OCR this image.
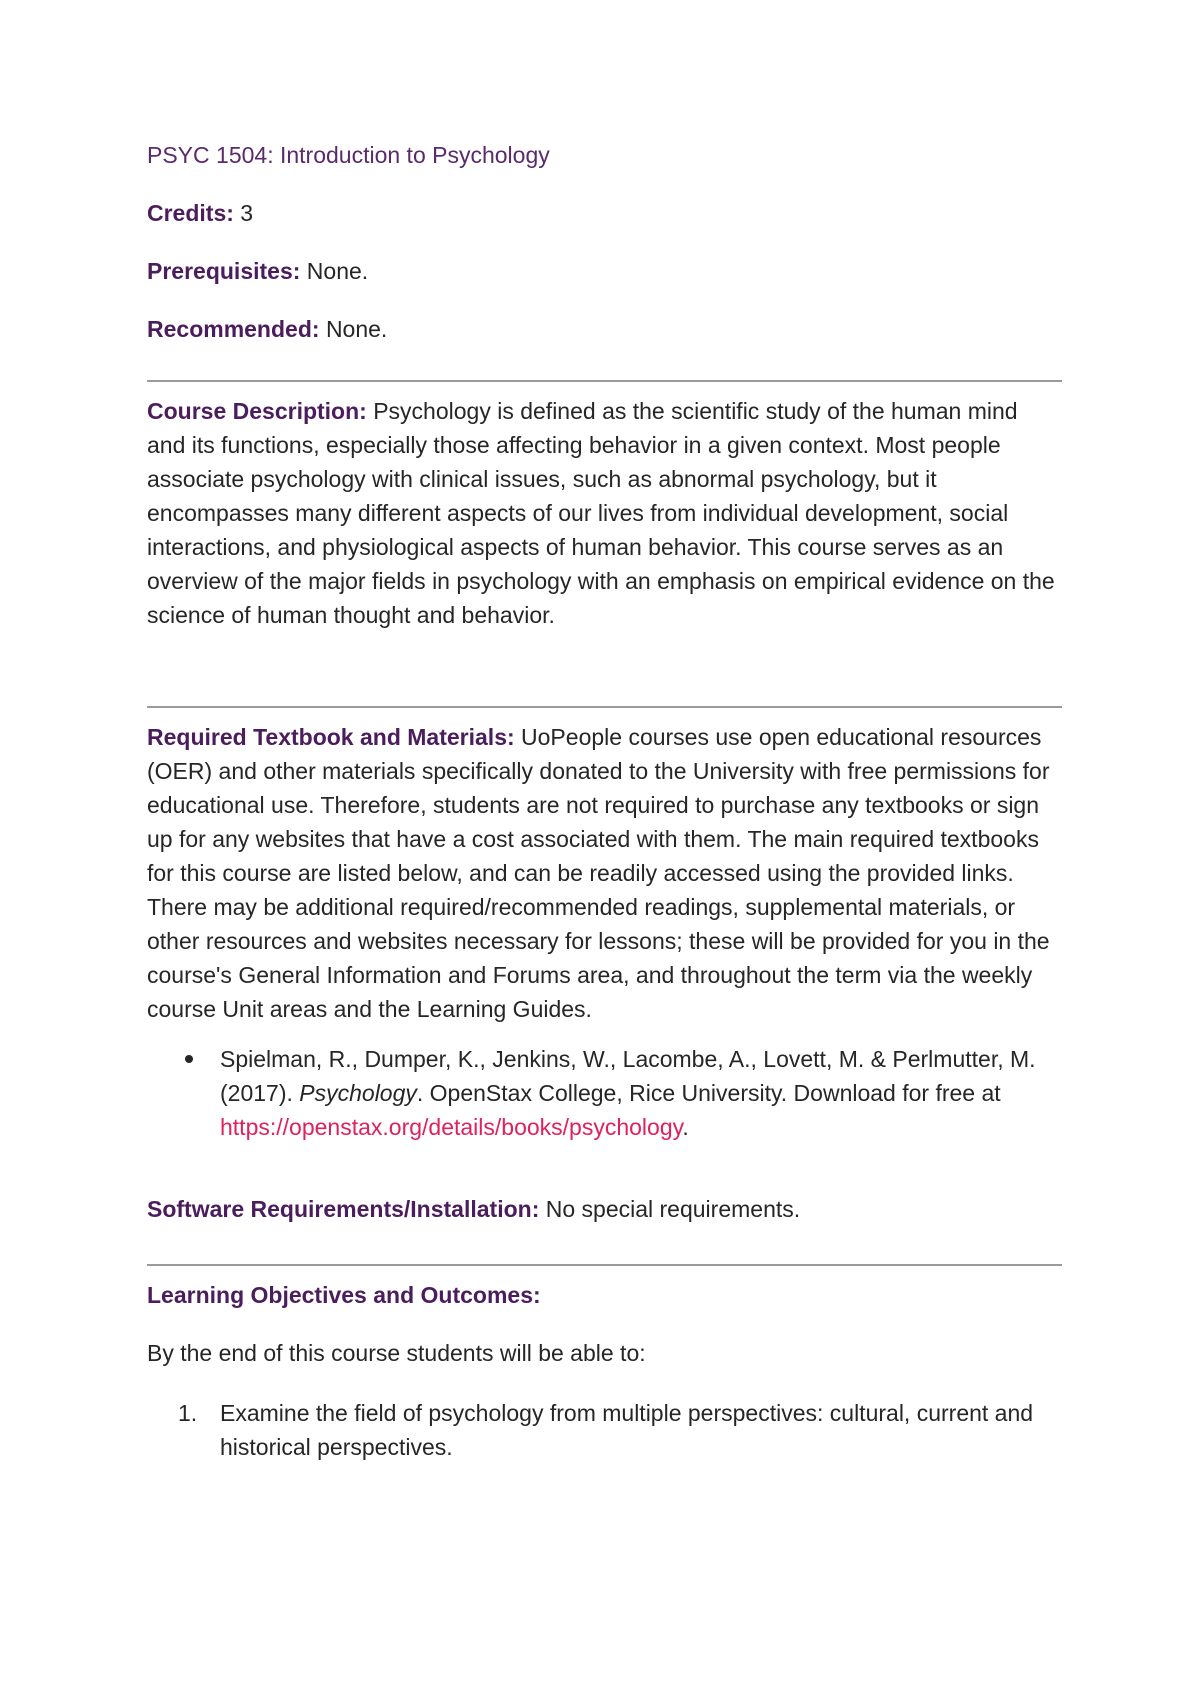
PSYC 1504: Introduction to Psychology
Credits: 3
Prerequisites: None.
Recommended: None.

Course Description: Psychology is defined as the scientific study of the human mind and its functions, especially those affecting behavior in a given context. Most people associate psychology with clinical issues, such as abnormal psychology, but it encompasses many different aspects of our lives from individual development, social interactions, and physiological aspects of human behavior. This course serves as an overview of the major fields in psychology with an emphasis on empirical evidence on the science of human thought and behavior.

Required Textbook and Materials: UoPeople courses use open educational resources (OER) and other materials specifically donated to the University with free permissions for educational use. Therefore, students are not required to purchase any textbooks or sign up for any websites that have a cost associated with them. The main required textbooks for this course are listed below, and can be readily accessed using the provided links. There may be additional required/recommended readings, supplemental materials, or other resources and websites necessary for lessons; these will be provided for you in the course's General Information and Forums area, and throughout the term via the weekly course Unit areas and the Learning Guides.

Spielman, R., Dumper, K., Jenkins, W., Lacombe, A., Lovett, M. & Perlmutter, M. (2017). Psychology. OpenStax College, Rice University. Download for free at https://openstax.org/details/books/psychology.
Software Requirements/Installation: No special requirements.
Learning Objectives and Outcomes:
By the end of this course students will be able to:
1. Examine the field of psychology from multiple perspectives: cultural, current and historical perspectives.
